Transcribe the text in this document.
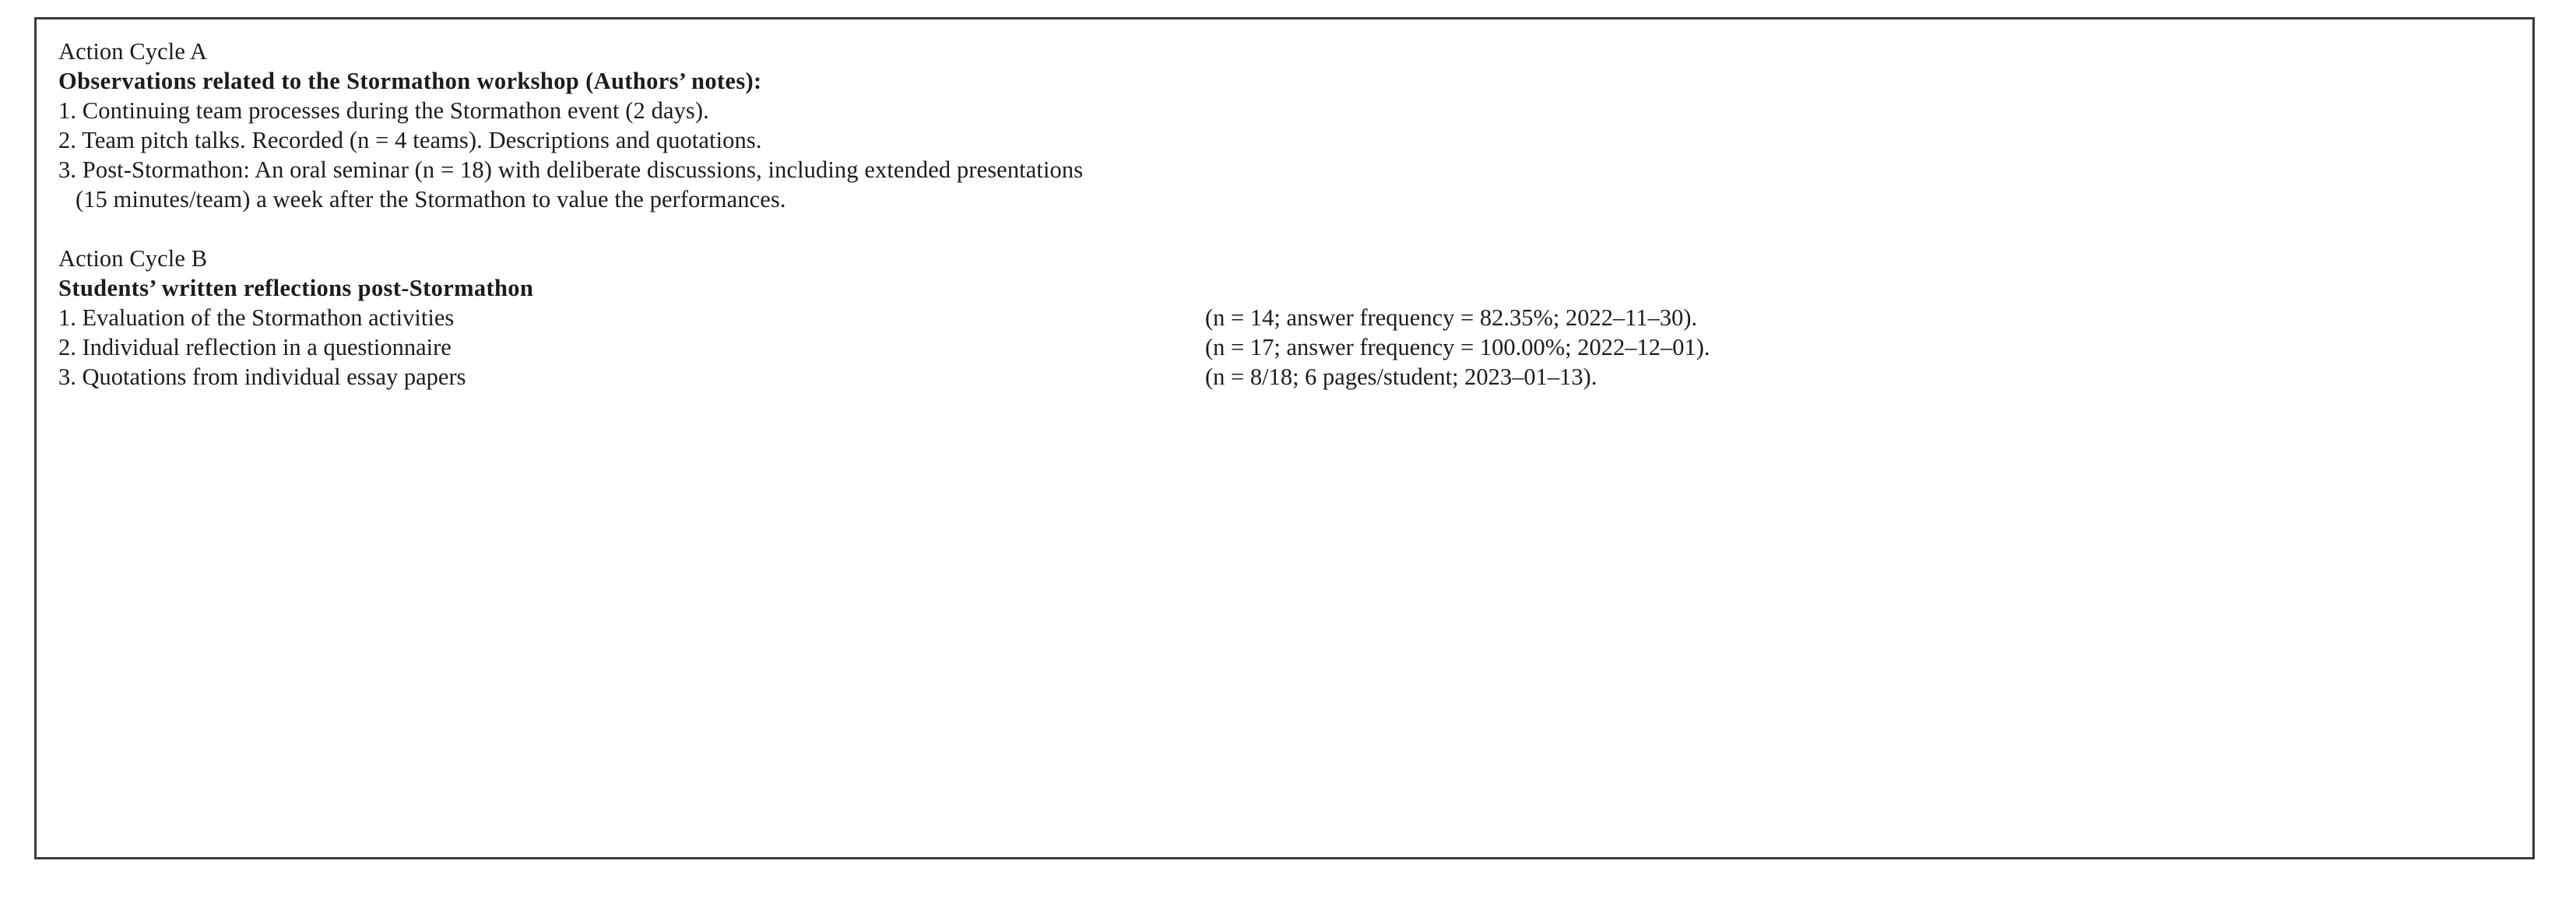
Action Cycle A
Observations related to the Stormathon workshop (Authors’ notes):
1. Continuing team processes during the Stormathon event (2 days).
2. Team pitch talks. Recorded (n = 4 teams). Descriptions and quotations.
3. Post-Stormathon: An oral seminar (n = 18) with deliberate discussions, including extended presentations
(15 minutes/team) a week after the Stormathon to value the performances.
Action Cycle B
Students’ written reflections post-Stormathon
1. Evaluation of the Stormathon activities	(n = 14; answer frequency = 82.35%; 2022–11–30).
2. Individual reflection in a questionnaire	(n = 17; answer frequency = 100.00%; 2022–12–01).
3. Quotations from individual essay papers	(n = 8/18; 6 pages/student; 2023–01–13).
